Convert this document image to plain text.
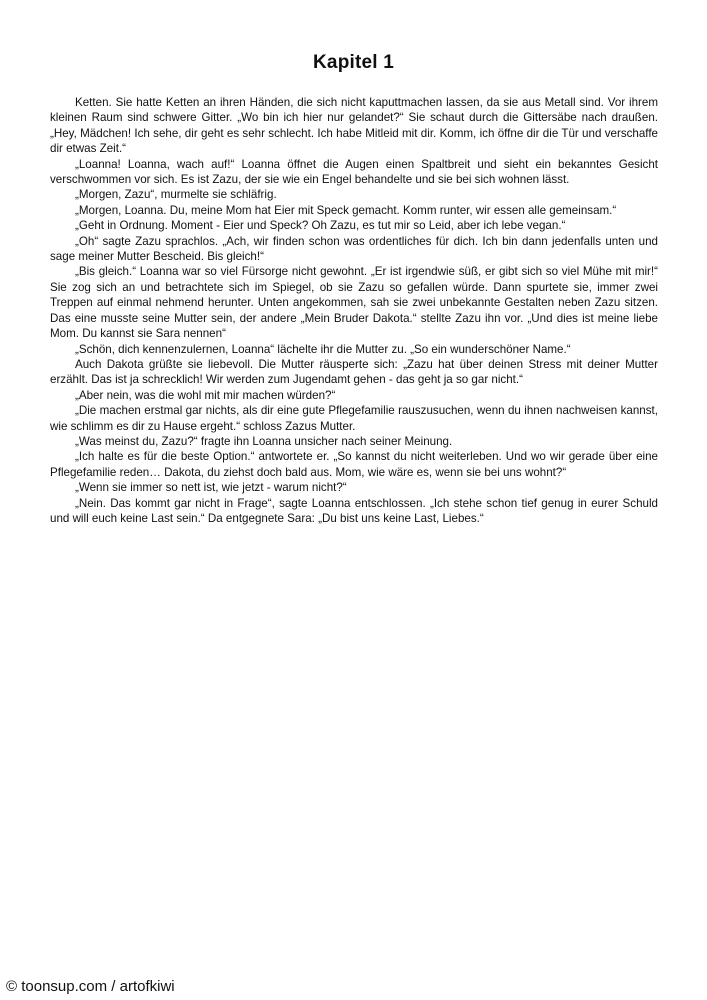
Kapitel 1

Ketten. Sie hatte Ketten an ihren Händen, die sich nicht kaputtmachen lassen, da sie aus Metall sind. Vor ihrem kleinen Raum sind schwere Gitter. „Wo bin ich hier nur gelandet?“ Sie schaut durch die Gittersäbe nach draußen. „Hey, Mädchen! Ich sehe, dir geht es sehr schlecht. Ich habe Mitleid mit dir. Komm, ich öffne dir die Tür und verschaffe dir etwas Zeit.“

„Loanna! Loanna, wach auf!“ Loanna öffnet die Augen einen Spaltbreit und sieht ein bekanntes Gesicht verschwommen vor sich. Es ist Zazu, der sie wie ein Engel behandelte und sie bei sich wohnen lässt.

„Morgen, Zazu“, murmelte sie schläfrig.

„Morgen, Loanna. Du, meine Mom hat Eier mit Speck gemacht. Komm runter, wir essen alle gemeinsam.“

„Geht in Ordnung. Moment - Eier und Speck? Oh Zazu, es tut mir so Leid, aber ich lebe vegan.“

„Oh“ sagte Zazu sprachlos. „Ach, wir finden schon was ordentliches für dich. Ich bin dann jedenfalls unten und sage meiner Mutter Bescheid. Bis gleich!“

„Bis gleich.“ Loanna war so viel Fürsorge nicht gewohnt. „Er ist irgendwie süß, er gibt sich so viel Mühe mit mir!“ Sie zog sich an und betrachtete sich im Spiegel, ob sie Zazu so gefallen würde. Dann spurtete sie, immer zwei Treppen auf einmal nehmend herunter. Unten angekommen, sah sie zwei unbekannte Gestalten neben Zazu sitzen. Das eine musste seine Mutter sein, der andere „Mein Bruder Dakota.“ stellte Zazu ihn vor. „Und dies ist meine liebe Mom. Du kannst sie Sara nennen“

„Schön, dich kennenzulernen, Loanna“ lächelte ihr die Mutter zu. „So ein wunderschöner Name.“

Auch Dakota grüßte sie liebevoll. Die Mutter räusperte sich: „Zazu hat über deinen Stress mit deiner Mutter erzählt. Das ist ja schrecklich! Wir werden zum Jugendamt gehen - das geht ja so gar nicht.“

„Aber nein, was die wohl mit mir machen würden?“

„Die machen erstmal gar nichts, als dir eine gute Pflegefamilie rauszusuchen, wenn du ihnen nachweisen kannst, wie schlimm es dir zu Hause ergeht.“ schloss Zazus Mutter.

„Was meinst du, Zazu?“ fragte ihn Loanna unsicher nach seiner Meinung.

„Ich halte es für die beste Option.“ antwortete er. „So kannst du nicht weiterleben. Und wo wir gerade über eine Pflegefamilie reden… Dakota, du ziehst doch bald aus. Mom, wie wäre es, wenn sie bei uns wohnt?“

„Wenn sie immer so nett ist, wie jetzt - warum nicht?“

„Nein. Das kommt gar nicht in Frage“, sagte Loanna entschlossen. „Ich stehe schon tief genug in eurer Schuld und will euch keine Last sein.“ Da entgegnete Sara: „Du bist uns keine Last, Liebes.“

© toonsup.com / artofkiwi
